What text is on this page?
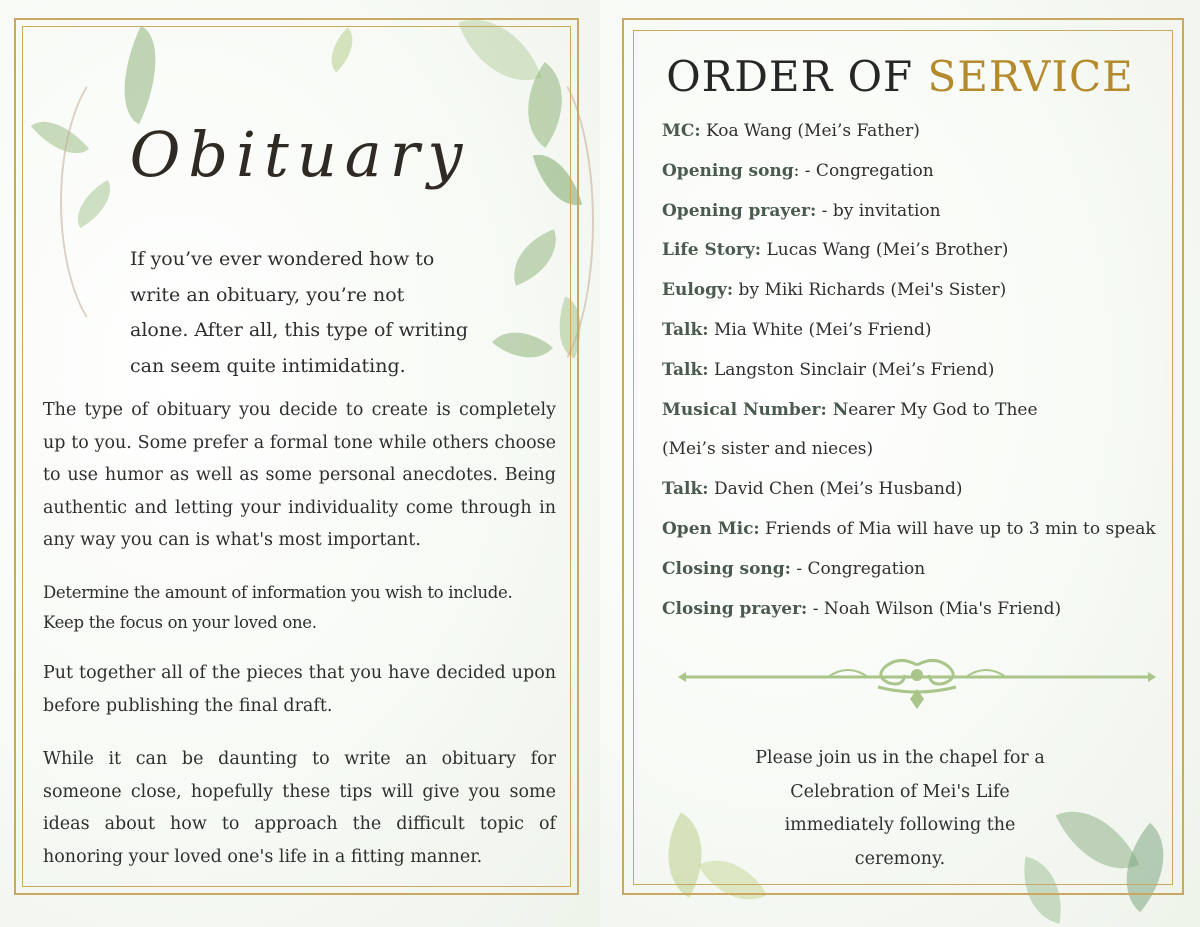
Obituary
If you’ve ever wondered how to
write an obituary, you’re not
alone. After all, this type of writing
can seem quite intimidating.
The type of obituary you decide to create is completely up to you. Some prefer a formal tone while others choose to use humor as well as some personal anecdotes. Being authentic and letting your individuality come through in any way you can is what's most important.
Determine the amount of information you wish to include. Keep the focus on your loved one.
Put together all of the pieces that you have decided upon before publishing the final draft.
While it can be daunting to write an obituary for someone close, hopefully these tips will give you some ideas about how to approach the difficult topic of honoring your loved one's life in a fitting manner.
ORDER OF SERVICE
MC: Koa Wang (Mei’s Father)
Opening song: - Congregation
Opening prayer: - by invitation
Life Story: Lucas Wang (Mei’s Brother)
Eulogy: by Miki Richards (Mei's Sister)
Talk: Mia White (Mei’s Friend)
Talk: Langston Sinclair (Mei’s Friend)
Musical Number: Nearer My God to Thee
(Mei’s sister and nieces)
Talk: David Chen (Mei’s Husband)
Open Mic: Friends of Mia will have up to 3 min to speak
Closing song: - Congregation
Closing prayer: - Noah Wilson (Mia's Friend)
Please join us in the chapel for a
Celebration of Mei's Life
immediately following the
ceremony.
